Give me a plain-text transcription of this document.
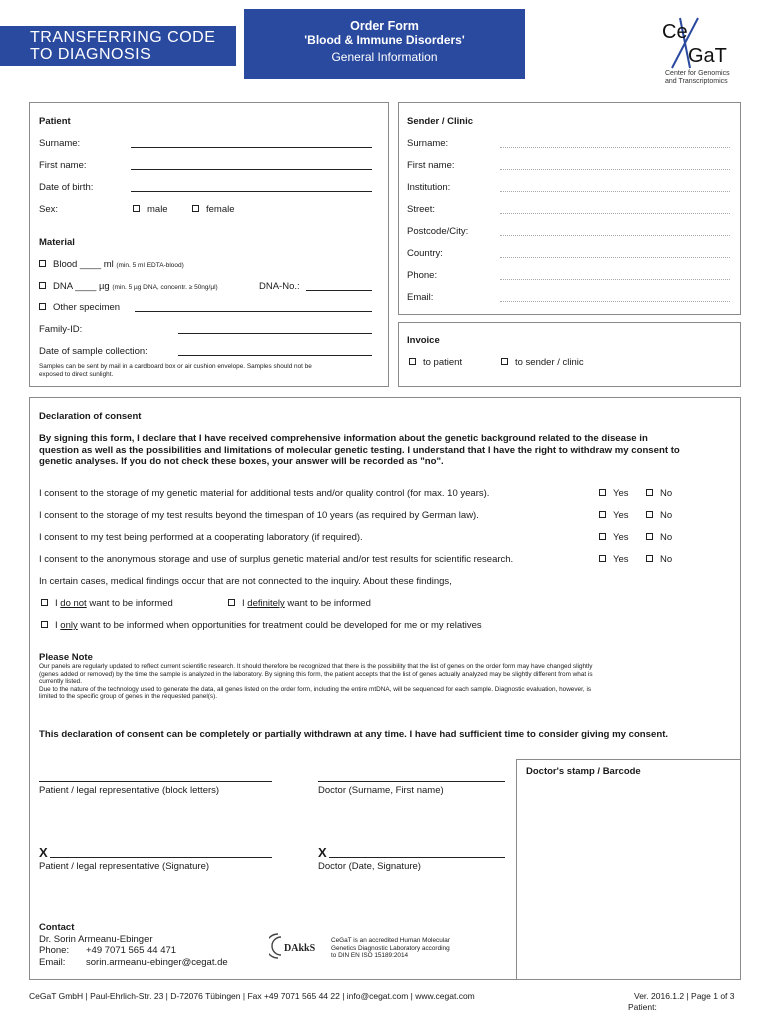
TRANSFERRING CODE
TO DIAGNOSIS
Order Form
'Blood & Immune Disorders'
General Information
Ce
GaT
Center for Genomics
and Transcriptomics
Patient
Surname:
First name:
Date of birth:
Sex:	male	female
Material
Blood ____ ml (min. 5 ml EDTA-blood)
DNA ____ µg (min. 5 µg DNA, concentr. ≥ 50ng/µl)	DNA-No.:
Other specimen
Family-ID:
Date of sample collection:
Samples can be sent by mail in a cardboard box or air cushion envelope. Samples should not be
exposed to direct sunlight.
Sender / Clinic
Surname:
First name:
Institution:
Street:
Postcode/City:
Country:
Phone:
Email:
Invoice
to patient	to sender / clinic
Declaration of consent
By signing this form, I declare that I have received comprehensive information about the genetic background related to the disease in
question as well as the possibilities and limitations of molecular genetic testing. I understand that I have the right to withdraw my consent to
genetic analyses. If you do not check these boxes, your answer will be recorded as "no".
I consent to the storage of my genetic material for additional tests and/or quality control (for max. 10 years).	Yes	No
I consent to the storage of my test results beyond the timespan of 10 years (as required by German law).	Yes	No
I consent to my test being performed at a cooperating laboratory (if required).	Yes	No
I consent to the anonymous storage and use of surplus genetic material and/or test results for scientific research.	Yes	No
In certain cases, medical findings occur that are not connected to the inquiry. About these findings,
I do not want to be informed	I definitely want to be informed
I only want to be informed when opportunities for treatment could be developed for me or my relatives
Please Note
Our panels are regularly updated to reflect current scientific research. It should therefore be recognized that there is the possibility that the list of genes on the order form may have changed slightly
(genes added or removed) by the time the sample is analyzed in the laboratory. By signing this form, the patient accepts that the list of genes actually analyzed may be slightly different from what is
currently listed.
Due to the nature of the technology used to generate the data, all genes listed on the order form, including the entire mtDNA, will be sequenced for each sample. Diagnostic evaluation, however, is
limited to the specific group of genes in the requested panel(s).
This declaration of consent can be completely or partially withdrawn at any time. I have had sufficient time to consider giving my consent.
Doctor's stamp / Barcode
Patient / legal representative (block letters)	Doctor (Surname, First name)
X
Patient / legal representative (Signature)
X
Doctor (Date, Signature)
Contact
Dr. Sorin Armeanu-Ebinger
Phone: +49 7071 565 44 471
Email: sorin.armeanu-ebinger@cegat.de
DAkkS
CeGaT is an accredited Human Molecular
Genetics Diagnostic Laboratory according
to DIN EN ISO 15189:2014
CeGaT GmbH | Paul-Ehrlich-Str. 23 | D-72076 Tübingen | Fax +49 7071 565 44 22 | info@cegat.com | www.cegat.com	Ver. 2016.1.2 | Page 1 of 3
Patient:
